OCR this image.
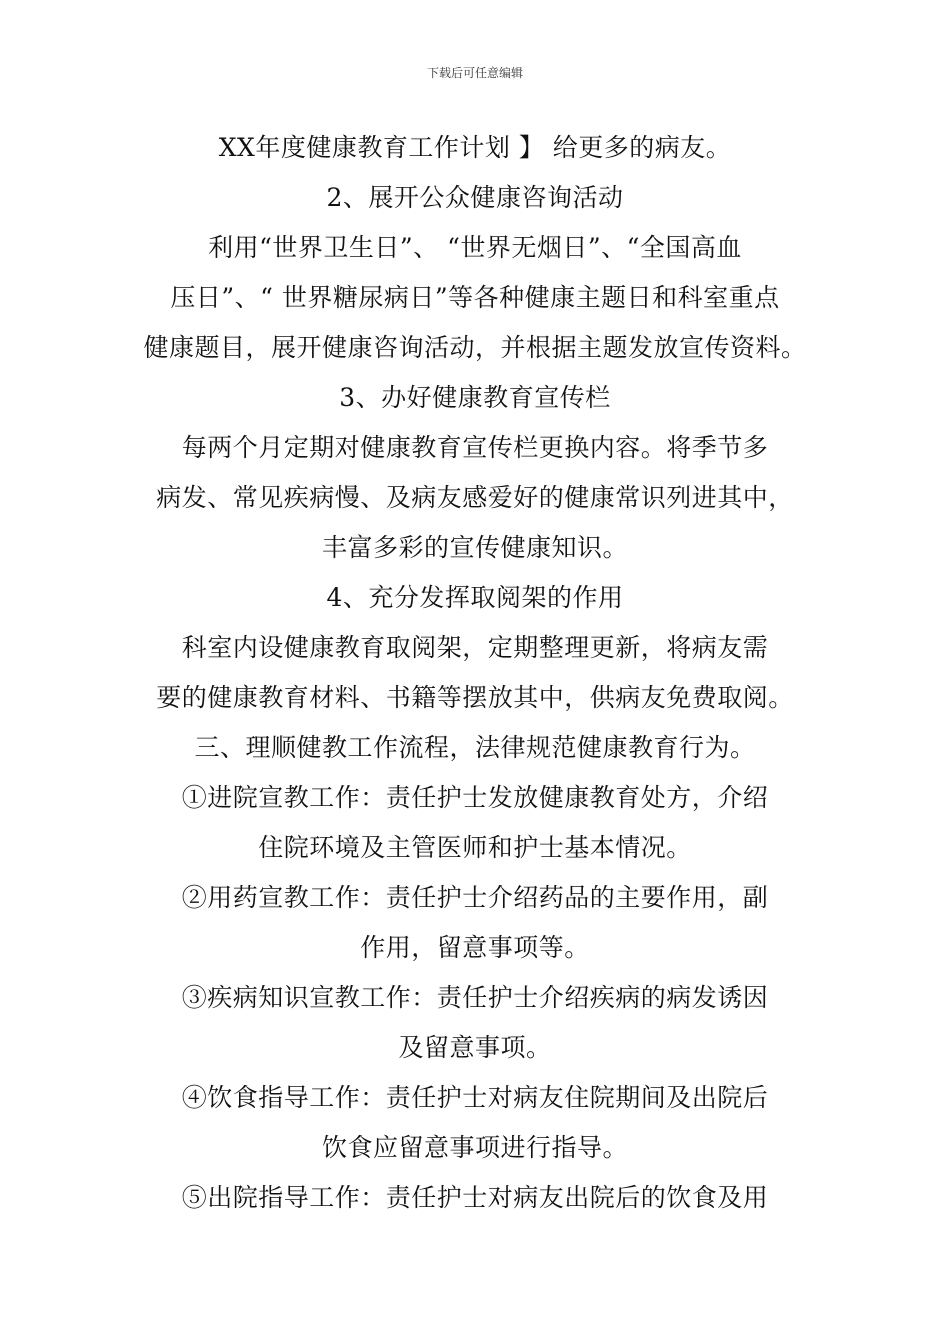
下载后可任意编辑
XX年度健康教育工作计划 】 给更多的病友。
2、展开公众健康咨询活动
利用“世界卫生日”、 “世界无烟日”、“全国高血
压日”、“ 世界糖尿病日”等各种健康主题日和科室重点
健康题目，展开健康咨询活动，并根据主题发放宣传资料。
3、办好健康教育宣传栏
每两个月定期对健康教育宣传栏更换内容。将季节多
病发、常见疾病慢、及病友感爱好的健康常识列进其中，
丰富多彩的宣传健康知识。
4、充分发挥取阅架的作用
科室内设健康教育取阅架，定期整理更新，将病友需
要的健康教育材料、书籍等摆放其中，供病友免费取阅。
三、理顺健教工作流程，法律规范健康教育行为。
①进院宣教工作：责任护士发放健康教育处方，介绍
住院环境及主管医师和护士基本情况。
②用药宣教工作：责任护士介绍药品的主要作用，副
作用，留意事项等。
③疾病知识宣教工作：责任护士介绍疾病的病发诱因
及留意事项。
④饮食指导工作：责任护士对病友住院期间及出院后
饮食应留意事项进行指导。
⑤出院指导工作：责任护士对病友出院后的饮食及用
